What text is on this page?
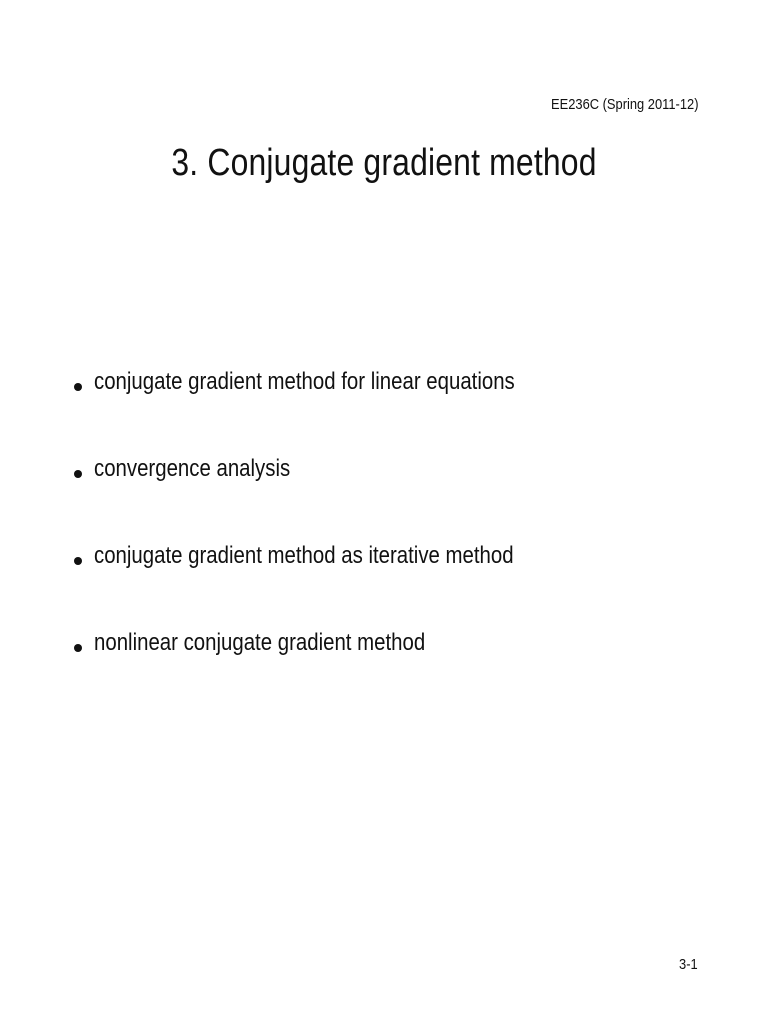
EE236C (Spring 2011-12)
3. Conjugate gradient method
conjugate gradient method for linear equations
convergence analysis
conjugate gradient method as iterative method
nonlinear conjugate gradient method
3-1
